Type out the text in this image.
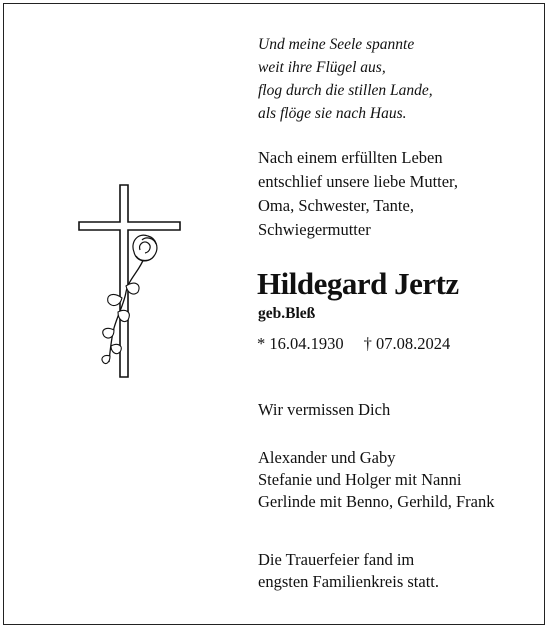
Und meine Seele spannte
weit ihre Flügel aus,
flog durch die stillen Lande,
als flöge sie nach Haus.
Nach einem erfüllten Leben
entschlief unsere liebe Mutter,
Oma, Schwester, Tante,
Schwiegermutter
Hildegard Jertz
geb.Bleß
* 16.04.1930 † 07.08.2024
Wir vermissen Dich
Alexander und Gaby
Stefanie und Holger mit Nanni
Gerlinde mit Benno, Gerhild, Frank
Die Trauerfeier fand im
engsten Familienkreis statt.
